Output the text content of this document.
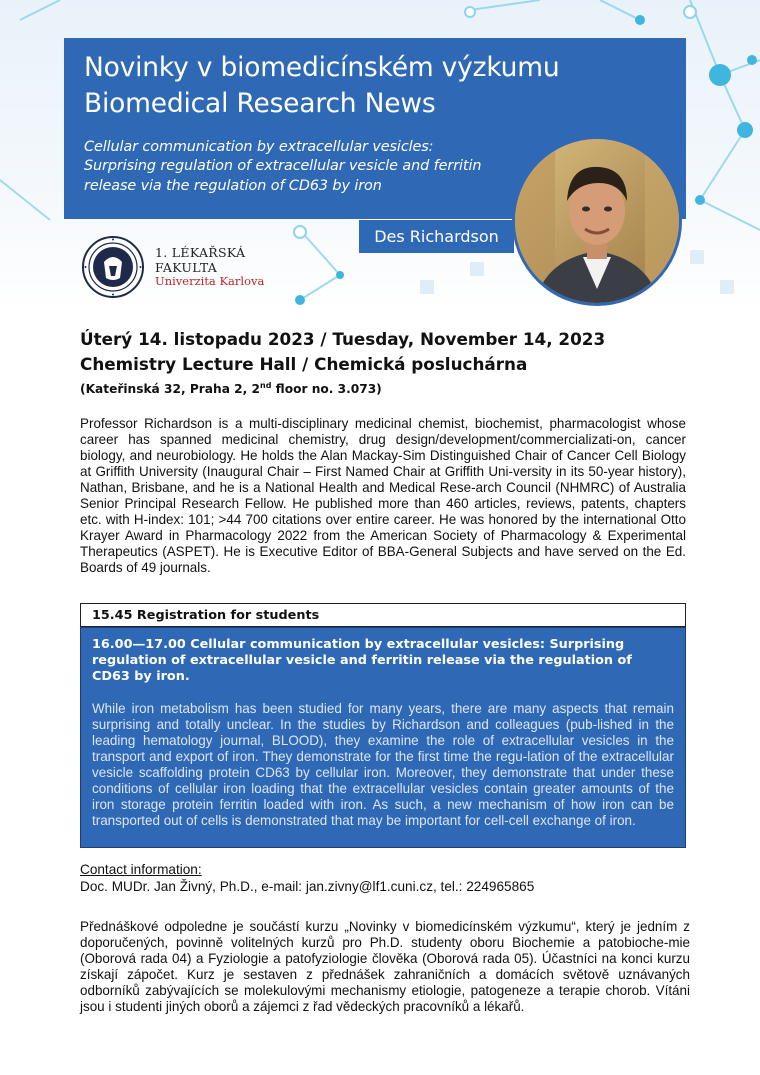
Novinky v biomedicínském výzkumu
Biomedical Research News
Cellular communication by extracellular vesicles:
Surprising regulation of extracellular vesicle and ferritin
release via the regulation of CD63 by iron
Des Richardson
1. LÉKAŘSKÁ
FAKULTA
Univerzita Karlova
Úterý 14. listopadu 2023 / Tuesday, November 14, 2023
Chemistry Lecture Hall / Chemická posluchárna
(Kateřinská 32, Praha 2, 2nd floor no. 3.073)
Professor Richardson is a multi-disciplinary medicinal chemist, biochemist, pharmacologist whose career has spanned medicinal chemistry, drug design/development/commercializati-on, cancer biology, and neurobiology. He holds the Alan Mackay-Sim Distinguished Chair of Cancer Cell Biology at Griffith University (Inaugural Chair – First Named Chair at Griffith Uni-versity in its 50-year history), Nathan, Brisbane, and he is a National Health and Medical Rese-arch Council (NHMRC) of Australia Senior Principal Research Fellow. He published more than 460 articles, reviews, patents, chapters etc. with H-index: 101; >44 700 citations over entire career. He was honored by the international Otto Krayer Award in Pharmacology 2022 from the American Society of Pharmacology & Experimental Therapeutics (ASPET). He is Executive Editor of BBA-General Subjects and have served on the Ed. Boards of 49 journals.
15.45 Registration for students
16.00—17.00 Cellular communication by extracellular vesicles: Surprising regulation of extracellular vesicle and ferritin release via the regulation of CD63 by iron.
While iron metabolism has been studied for many years, there are many aspects that remain surprising and totally unclear. In the studies by Richardson and colleagues (pub-lished in the leading hematology journal, BLOOD), they examine the role of extracellular vesicles in the transport and export of iron. They demonstrate for the first time the regu-lation of the extracellular vesicle scaffolding protein CD63 by cellular iron. Moreover, they demonstrate that under these conditions of cellular iron loading that the extracellular vesicles contain greater amounts of the iron storage protein ferritin loaded with iron. As such, a new mechanism of how iron can be transported out of cells is demonstrated that may be important for cell-cell exchange of iron.
Contact information:
Doc. MUDr. Jan Živný, Ph.D., e-mail: jan.zivny@lf1.cuni.cz, tel.: 224965865
Přednáškové odpoledne je součástí kurzu „Novinky v biomedicínském výzkumu“, který je jedním z doporučených, povinně volitelných kurzů pro Ph.D. studenty oboru Biochemie a patobioche-mie (Oborová rada 04) a Fyziologie a patofyziologie člověka (Oborová rada 05). Účastníci na konci kurzu získají zápočet. Kurz je sestaven z přednášek zahraničních a domácích světově uznávaných odborníků zabývajících se molekulovými mechanismy etiologie, patogeneze a terapie chorob. Vítáni jsou i studenti jiných oborů a zájemci z řad vědeckých pracovníků a lékařů.
